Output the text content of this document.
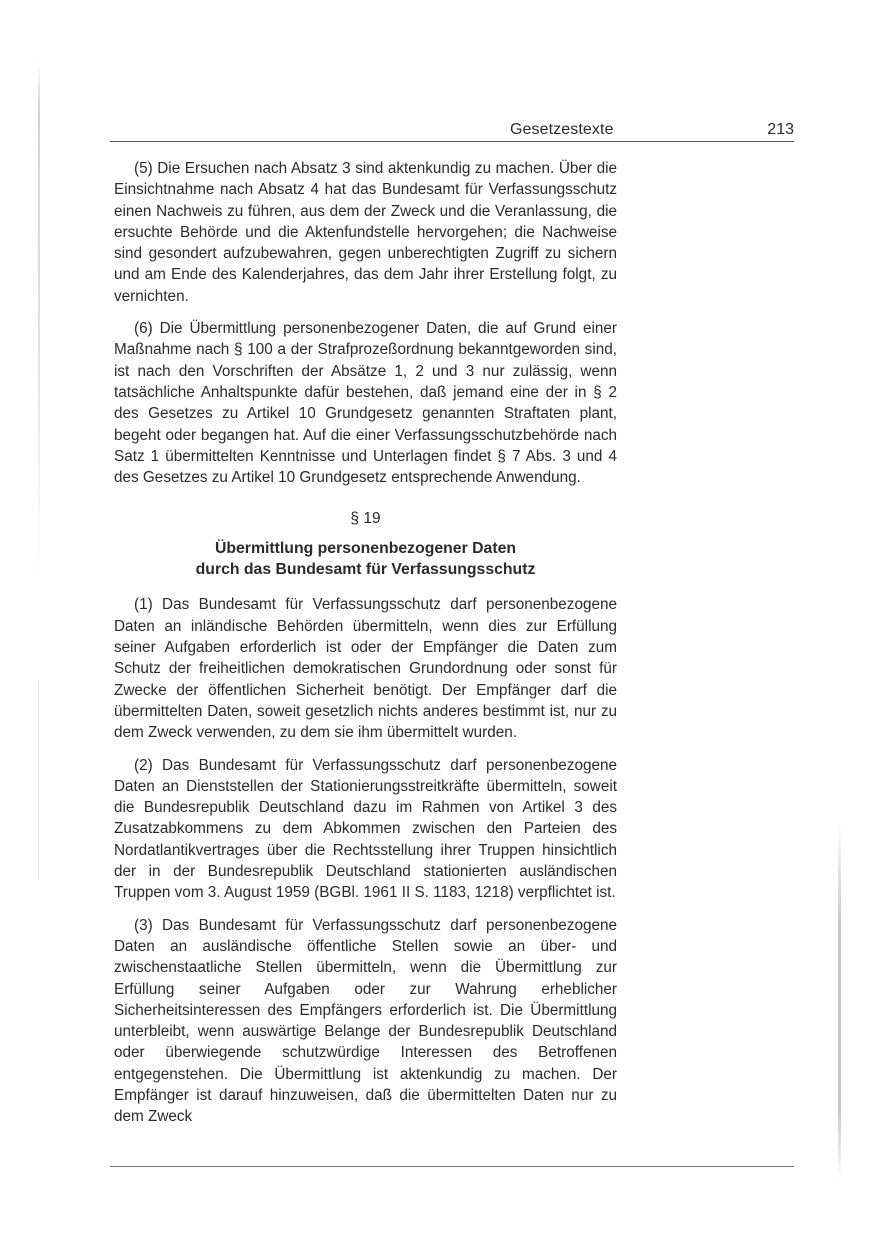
Gesetzestexte	213

(5) Die Ersuchen nach Absatz 3 sind aktenkundig zu machen. Über die Einsichtnahme nach Absatz 4 hat das Bundesamt für Verfassungsschutz einen Nachweis zu führen, aus dem der Zweck und die Veranlassung, die ersuchte Behörde und die Aktenfundstelle hervorgehen; die Nachweise sind gesondert aufzubewahren, gegen unberechtigten Zugriff zu sichern und am Ende des Kalenderjahres, das dem Jahr ihrer Erstellung folgt, zu vernichten.

(6) Die Übermittlung personenbezogener Daten, die auf Grund einer Maßnahme nach § 100 a der Strafprozeßordnung bekanntgeworden sind, ist nach den Vorschriften der Absätze 1, 2 und 3 nur zulässig, wenn tatsächliche Anhaltspunkte dafür bestehen, daß jemand eine der in § 2 des Gesetzes zu Artikel 10 Grundgesetz genannten Straftaten plant, begeht oder begangen hat. Auf die einer Verfassungsschutzbehörde nach Satz 1 übermittelten Kenntnisse und Unterlagen findet § 7 Abs. 3 und 4 des Gesetzes zu Artikel 10 Grundgesetz entsprechende Anwendung.

§ 19
Übermittlung personenbezogener Daten
durch das Bundesamt für Verfassungsschutz

(1) Das Bundesamt für Verfassungsschutz darf personenbezogene Daten an inländische Behörden übermitteln, wenn dies zur Erfüllung seiner Aufgaben erforderlich ist oder der Empfänger die Daten zum Schutz der freiheitlichen demokratischen Grundordnung oder sonst für Zwecke der öffentlichen Sicherheit benötigt. Der Empfänger darf die übermittelten Daten, soweit gesetzlich nichts anderes bestimmt ist, nur zu dem Zweck verwenden, zu dem sie ihm übermittelt wurden.

(2) Das Bundesamt für Verfassungsschutz darf personenbezogene Daten an Dienststellen der Stationierungsstreitkräfte übermitteln, soweit die Bundesrepublik Deutschland dazu im Rahmen von Artikel 3 des Zusatzabkommens zu dem Abkommen zwischen den Parteien des Nordatlantikvertrages über die Rechtsstellung ihrer Truppen hinsichtlich der in der Bundesrepublik Deutschland stationierten ausländischen Truppen vom 3. August 1959 (BGBl. 1961 II S. 1183, 1218) verpflichtet ist.

(3) Das Bundesamt für Verfassungsschutz darf personenbezogene Daten an ausländische öffentliche Stellen sowie an über- und zwischenstaatliche Stellen übermitteln, wenn die Übermittlung zur Erfüllung seiner Aufgaben oder zur Wahrung erheblicher Sicherheitsinteressen des Empfängers erforderlich ist. Die Übermittlung unterbleibt, wenn auswärtige Belange der Bundesrepublik Deutschland oder überwiegende schutzwürdige Interessen des Betroffenen entgegenstehen. Die Übermittlung ist aktenkundig zu machen. Der Empfänger ist darauf hinzuweisen, daß die übermittelten Daten nur zu dem Zweck
